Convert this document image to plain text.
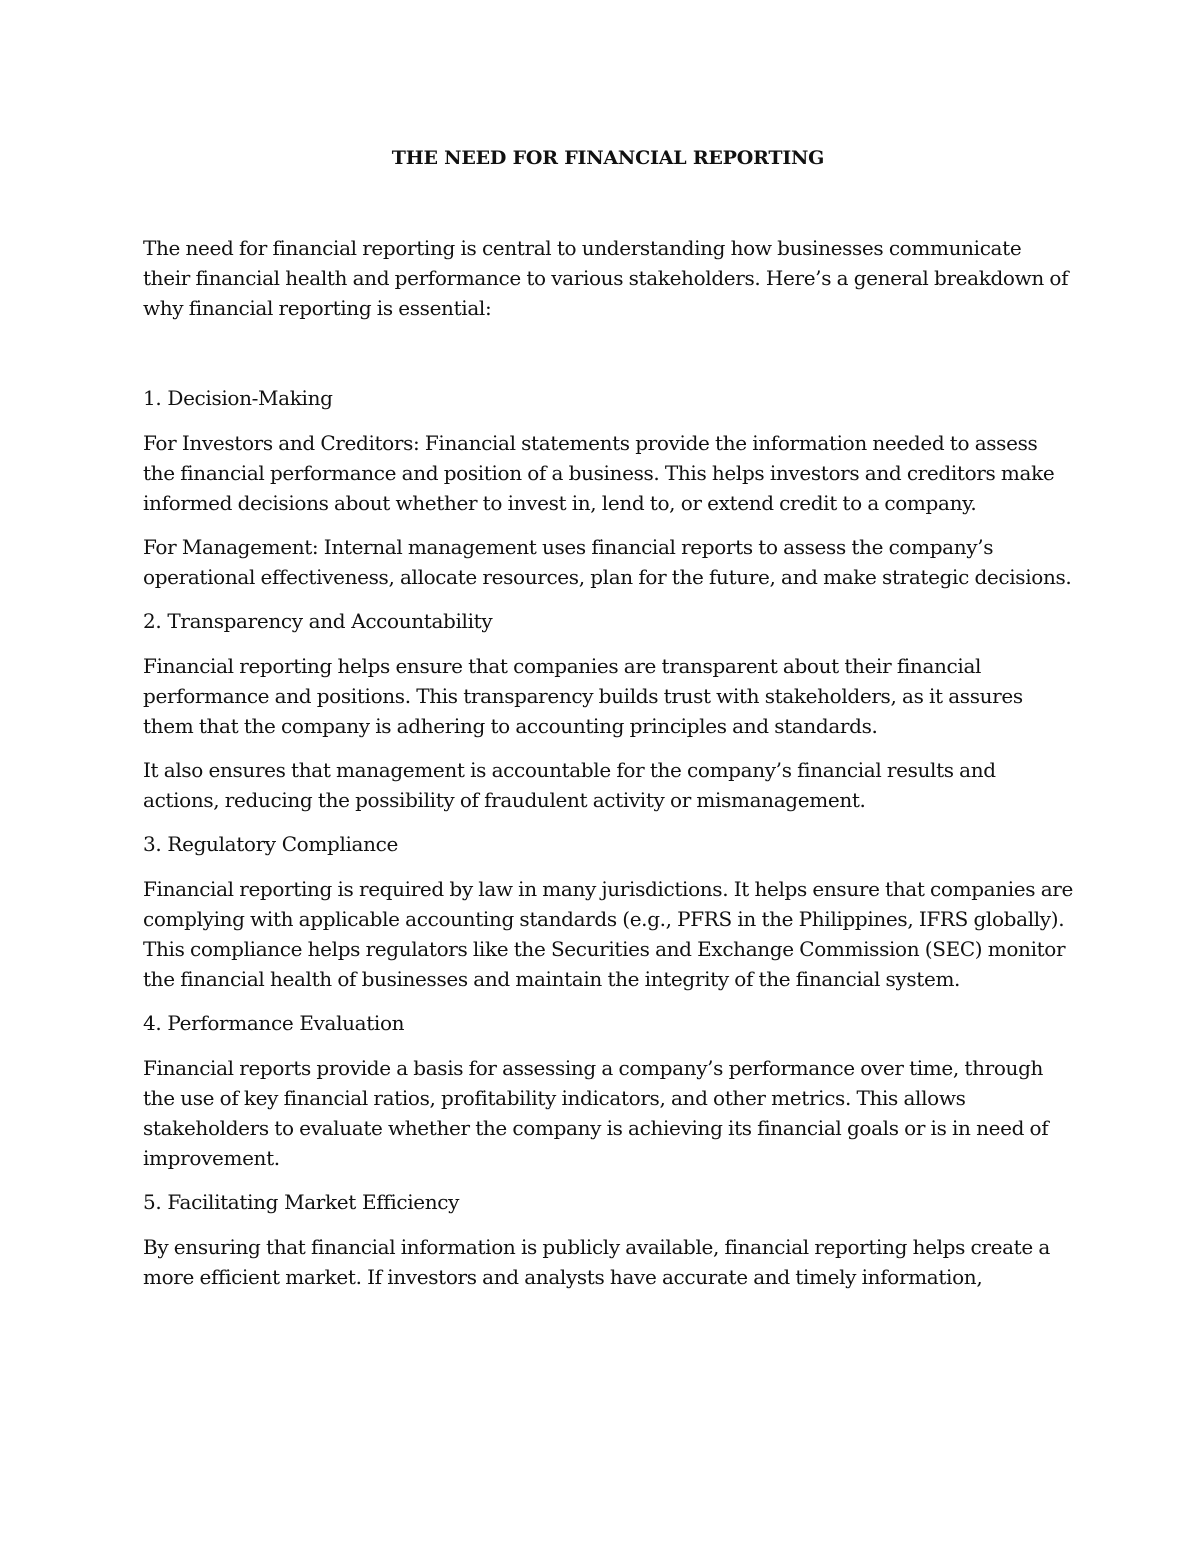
THE NEED FOR FINANCIAL REPORTING

The need for financial reporting is central to understanding how businesses communicate their financial health and performance to various stakeholders. Here’s a general breakdown of why financial reporting is essential:

1. Decision-Making

For Investors and Creditors: Financial statements provide the information needed to assess the financial performance and position of a business. This helps investors and creditors make informed decisions about whether to invest in, lend to, or extend credit to a company.

For Management: Internal management uses financial reports to assess the company’s operational effectiveness, allocate resources, plan for the future, and make strategic decisions.

2. Transparency and Accountability

Financial reporting helps ensure that companies are transparent about their financial performance and positions. This transparency builds trust with stakeholders, as it assures them that the company is adhering to accounting principles and standards.

It also ensures that management is accountable for the company’s financial results and actions, reducing the possibility of fraudulent activity or mismanagement.

3. Regulatory Compliance

Financial reporting is required by law in many jurisdictions. It helps ensure that companies are complying with applicable accounting standards (e.g., PFRS in the Philippines, IFRS globally). This compliance helps regulators like the Securities and Exchange Commission (SEC) monitor the financial health of businesses and maintain the integrity of the financial system.

4. Performance Evaluation

Financial reports provide a basis for assessing a company’s performance over time, through the use of key financial ratios, profitability indicators, and other metrics. This allows stakeholders to evaluate whether the company is achieving its financial goals or is in need of improvement.

5. Facilitating Market Efficiency

By ensuring that financial information is publicly available, financial reporting helps create a more efficient market. If investors and analysts have accurate and timely information,
